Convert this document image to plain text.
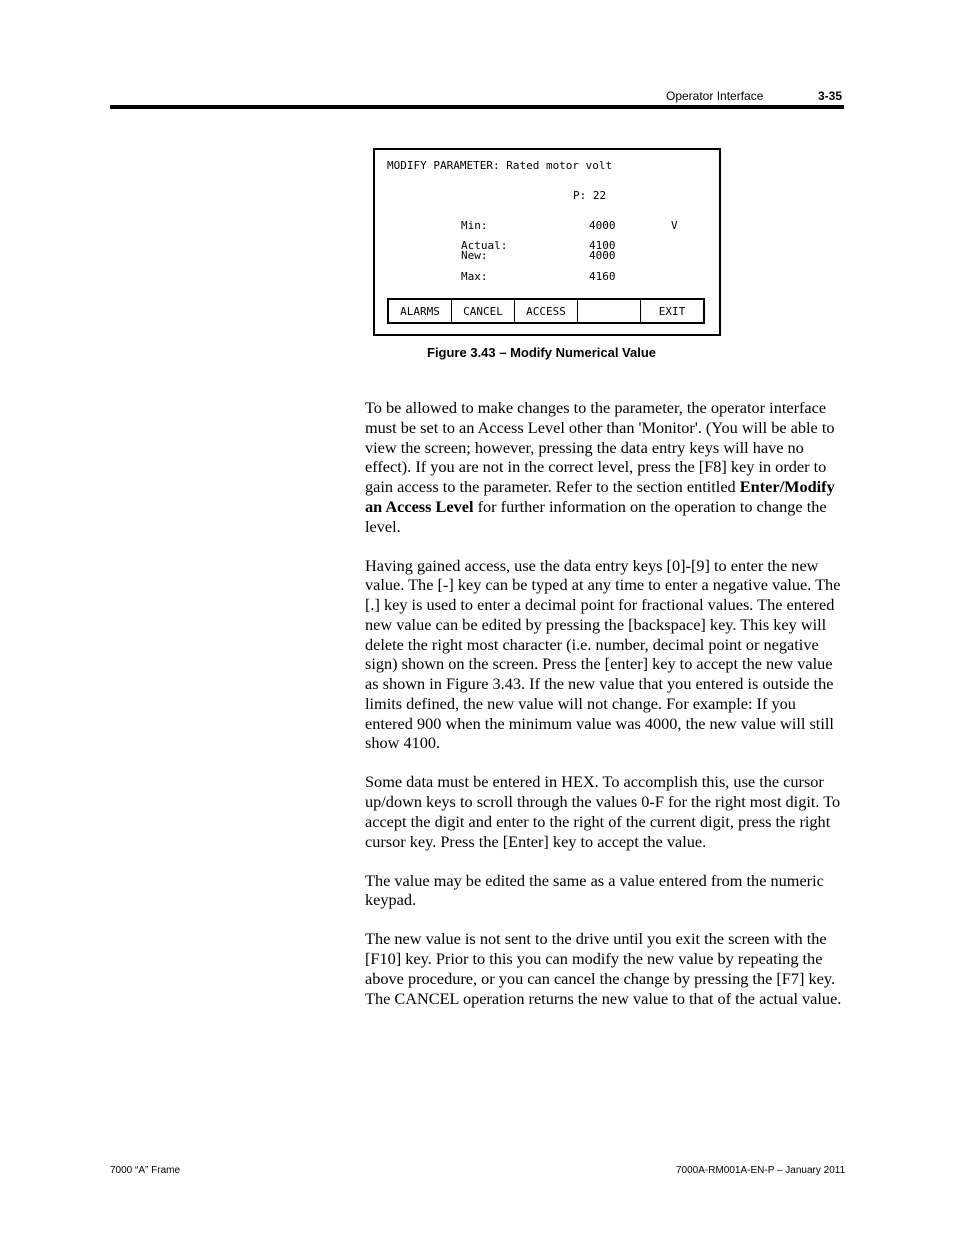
Operator Interface	3-35
MODIFY PARAMETER: Rated motor volt
P: 22
Min:	4000	V
Actual:	4100
New:	4000
Max:	4160
ALARMS	CANCEL	ACCESS	EXIT
Figure 3.43 – Modify Numerical Value

To be allowed to make changes to the parameter, the operator interface must be set to an Access Level other than 'Monitor'. (You will be able to view the screen; however, pressing the data entry keys will have no effect). If you are not in the correct level, press the [F8] key in order to gain access to the parameter. Refer to the section entitled Enter/Modify an Access Level for further information on the operation to change the level.

Having gained access, use the data entry keys [0]-[9] to enter the new value. The [-] key can be typed at any time to enter a negative value. The [.] key is used to enter a decimal point for fractional values. The entered new value can be edited by pressing the [backspace] key. This key will delete the right most character (i.e. number, decimal point or negative sign) shown on the screen. Press the [enter] key to accept the new value as shown in Figure 3.43. If the new value that you entered is outside the limits defined, the new value will not change. For example: If you entered 900 when the minimum value was 4000, the new value will still show 4100.

Some data must be entered in HEX. To accomplish this, use the cursor up/down keys to scroll through the values 0-F for the right most digit. To accept the digit and enter to the right of the current digit, press the right cursor key. Press the [Enter] key to accept the value.

The value may be edited the same as a value entered from the numeric keypad.

The new value is not sent to the drive until you exit the screen with the [F10] key. Prior to this you can modify the new value by repeating the above procedure, or you can cancel the change by pressing the [F7] key. The CANCEL operation returns the new value to that of the actual value.

7000 “A” Frame	7000A-RM001A-EN-P – January 2011
